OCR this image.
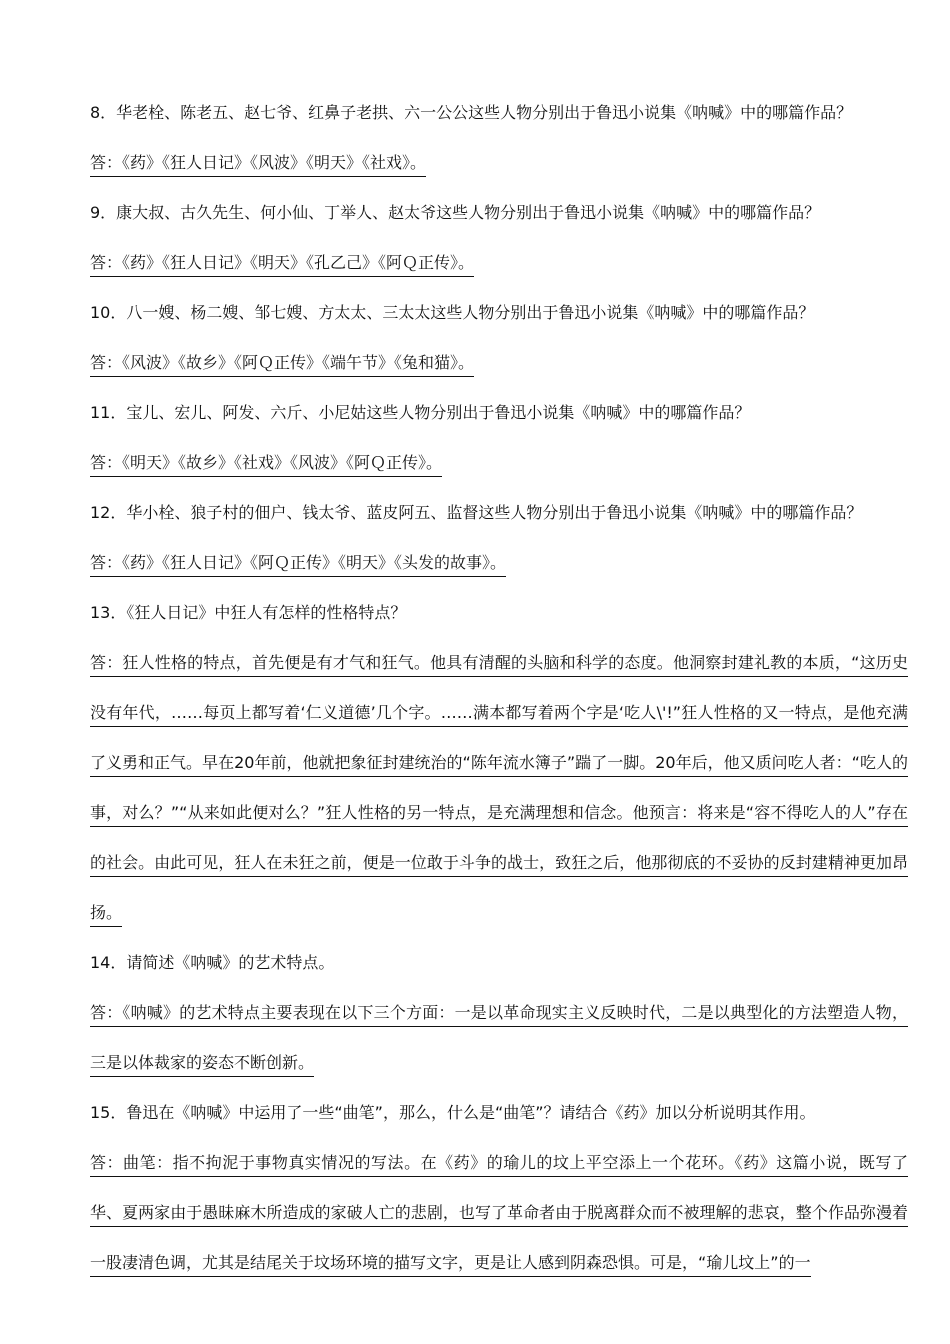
8．华老栓、陈老五、赵七爷、红鼻子老拱、六一公公这些人物分别出于鲁迅小说集《呐喊》中的哪篇作品？
答：《药》《狂人日记》《风波》《明天》《社戏》。
9．康大叔、古久先生、何小仙、丁举人、赵太爷这些人物分别出于鲁迅小说集《呐喊》中的哪篇作品？
答：《药》《狂人日记》《明天》《孔乙己》《阿Ｑ正传》。
10．八一嫂、杨二嫂、邹七嫂、方太太、三太太这些人物分别出于鲁迅小说集《呐喊》中的哪篇作品？
答：《风波》《故乡》《阿Ｑ正传》《端午节》《兔和猫》。
11．宝儿、宏儿、阿发、六斤、小尼姑这些人物分别出于鲁迅小说集《呐喊》中的哪篇作品？
答：《明天》《故乡》《社戏》《风波》《阿Ｑ正传》。
12．华小栓、狼子村的佃户、钱太爷、蓝皮阿五、监督这些人物分别出于鲁迅小说集《呐喊》中的哪篇作品？
答：《药》《狂人日记》《阿Ｑ正传》《明天》《头发的故事》。
13．《狂人日记》中狂人有怎样的性格特点？
答：狂人性格的特点，首先便是有才气和狂气。他具有清醒的头脑和科学的态度。他洞察封建礼教的本质，“这历史没有年代，……每页上都写着‘仁义道德’几个字。……满本都写着两个字是‘吃人\'!”狂人性格的又一特点，是他充满了义勇和正气。早在20年前，他就把象征封建统治的“陈年流水簿子”踹了一脚。20年后，他又质问吃人者：“吃人的事，对么？”“从来如此便对么？”狂人性格的另一特点，是充满理想和信念。他预言：将来是“容不得吃人的人”存在的社会。由此可见，狂人在未狂之前，便是一位敢于斗争的战士，致狂之后，他那彻底的不妥协的反封建精神更加昂扬。
14．请简述《呐喊》的艺术特点。
答：《呐喊》的艺术特点主要表现在以下三个方面：一是以革命现实主义反映时代，二是以典型化的方法塑造人物，三是以体裁家的姿态不断创新。
15．鲁迅在《呐喊》中运用了一些“曲笔”，那么，什么是“曲笔”？请结合《药》加以分析说明其作用。
答：曲笔：指不拘泥于事物真实情况的写法。在《药》的瑜儿的坟上平空添上一个花环。《药》这篇小说，既写了华、夏两家由于愚昧麻木所造成的家破人亡的悲剧，也写了革命者由于脱离群众而不被理解的悲哀，整个作品弥漫着一股凄清色调，尤其是结尾关于坟场环境的描写文字，更是让人感到阴森恐惧。可是，“瑜儿坟上”的一
